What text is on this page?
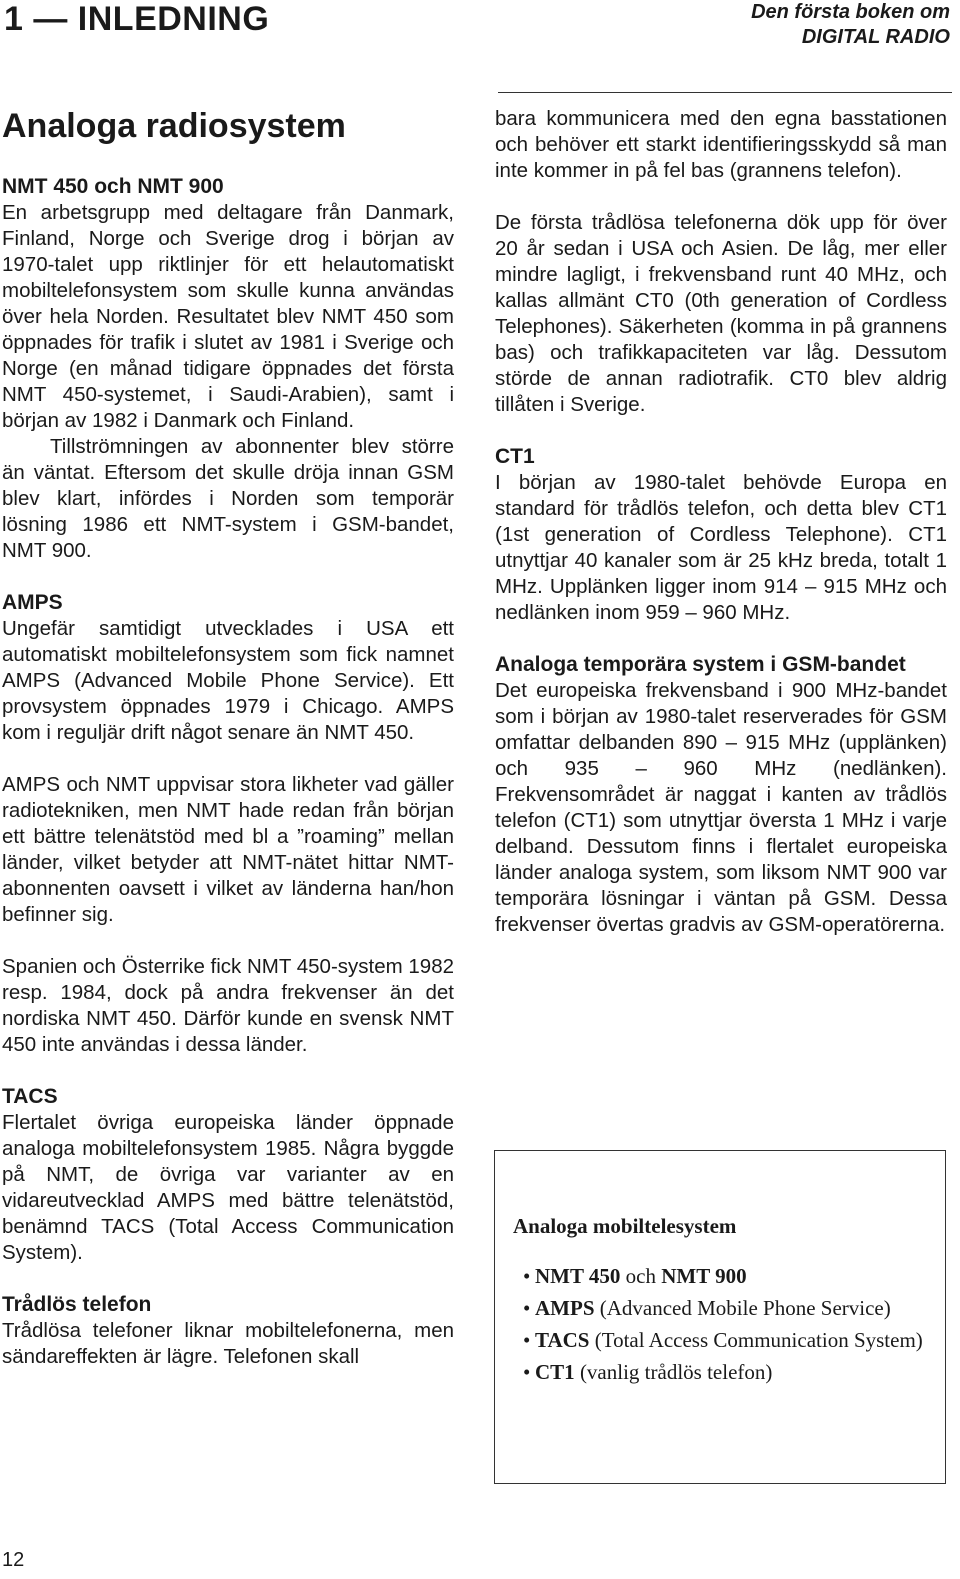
1 — INLEDNING	Den första boken om
DIGITAL RADIO
Analoga radiosystem
NMT 450 och NMT 900

En arbetsgrupp med deltagare från Danmark, Finland, Norge och Sverige drog i början av 1970-talet upp riktlinjer för ett helautomatiskt mobiltelefonsystem som skulle kunna användas över hela Norden. Resultatet blev NMT 450 som öppnades för trafik i slutet av 1981 i Sverige och Norge (en månad tidigare öppnades det första NMT 450-systemet, i Saudi-Arabien), samt i början av 1982 i Danmark och Finland.

Tillströmningen av abonnenter blev större än väntat. Eftersom det skulle dröja innan GSM blev klart, infördes i Norden som temporär lösning 1986 ett NMT-system i GSM-bandet, NMT 900.

AMPS

Ungefär samtidigt utvecklades i USA ett automatiskt mobiltelefonsystem som fick namnet AMPS (Advanced Mobile Phone Service). Ett provsystem öppnades 1979 i Chicago. AMPS kom i reguljär drift något senare än NMT 450.

AMPS och NMT uppvisar stora likheter vad gäller radiotekniken, men NMT hade redan från början ett bättre telenätstöd med bl a ”roaming” mellan länder, vilket betyder att NMT-nätet hittar NMT-abonnenten oavsett i vilket av länderna han/hon befinner sig.

Spanien och Österrike fick NMT 450-system 1982 resp. 1984, dock på andra frekvenser än det nordiska NMT 450. Därför kunde en svensk NMT 450 inte användas i dessa länder.

TACS

Flertalet övriga europeiska länder öppnade analoga mobiltelefonsystem 1985. Några byggde på NMT, de övriga var varianter av en vidareutvecklad AMPS med bättre telenätstöd, benämnd TACS (Total Access Communication System).

Trådlös telefon

Trådlösa telefoner liknar mobiltelefonerna, men sändareffekten är lägre. Telefonen skall

bara kommunicera med den egna basstationen och behöver ett starkt identifieringsskydd så man inte kommer in på fel bas (grannens telefon).

De första trådlösa telefonerna dök upp för över 20 år sedan i USA och Asien. De låg, mer eller mindre lagligt, i frekvensband runt 40 MHz, och kallas allmänt CT0 (0th generation of Cordless Telephones). Säkerheten (komma in på grannens bas) och trafikkapaciteten var låg. Dessutom störde de annan radiotrafik. CT0 blev aldrig tillåten i Sverige.

CT1

I början av 1980-talet behövde Europa en standard för trådlös telefon, och detta blev CT1 (1st generation of Cordless Telephone). CT1 utnyttjar 40 kanaler som är 25 kHz breda, totalt 1 MHz. Upplänken ligger inom 914 – 915 MHz och nedlänken inom 959 – 960 MHz.

Analoga temporära system i GSM-bandet

Det europeiska frekvensband i 900 MHz-bandet som i början av 1980-talet reserverades för GSM omfattar delbanden 890 – 915 MHz (upplänken) och 935 – 960 MHz (nedlänken). Frekvensområdet är naggat i kanten av trådlös telefon (CT1) som utnyttjar översta 1 MHz i varje delband. Dessutom finns i flertalet europeiska länder analoga system, som liksom NMT 900 var temporära lösningar i väntan på GSM. Dessa frekvenser övertas gradvis av GSM-operatörerna.

Analoga mobiltelesystem
• NMT 450 och NMT 900
• AMPS (Advanced Mobile Phone Service)
• TACS (Total Access Communication System)
• CT1 (vanlig trådlös telefon)
12
